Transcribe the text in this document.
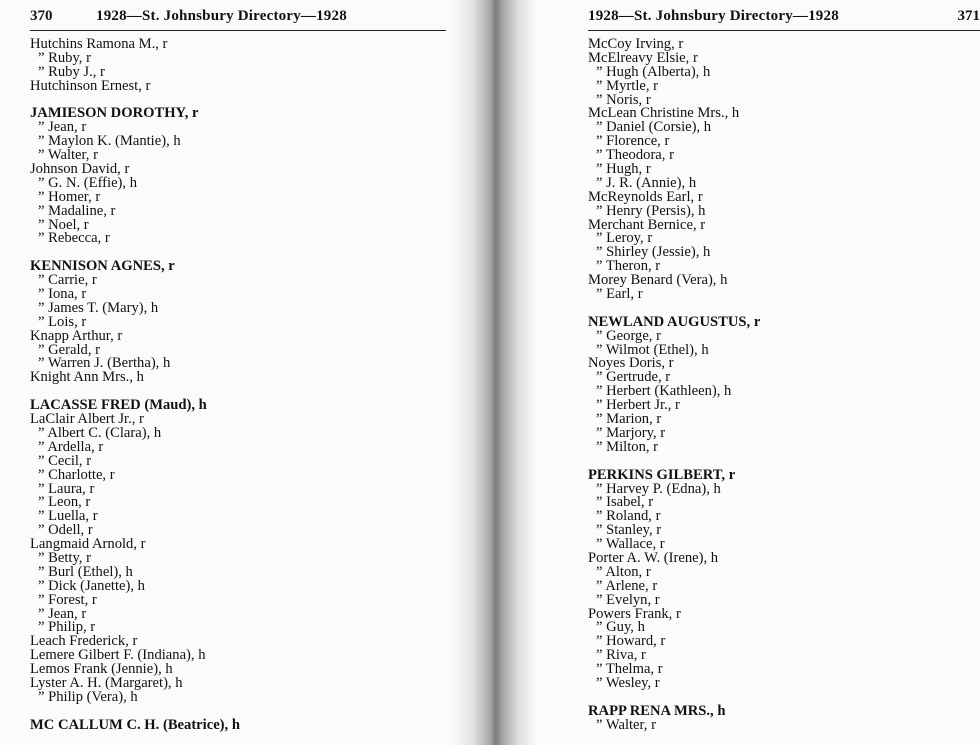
370	1928—St. Johnsbury Directory—1928
Hutchins Ramona M., r
” Ruby, r
” Ruby J., r
Hutchinson Ernest, r
JAMIESON DOROTHY, r
” Jean, r
” Maylon K. (Mantie), h
” Walter, r
Johnson David, r
” G. N. (Effie), h
” Homer, r
” Madaline, r
” Noel, r
” Rebecca, r
KENNISON AGNES, r
” Carrie, r
” Iona, r
” James T. (Mary), h
” Lois, r
Knapp Arthur, r
” Gerald, r
” Warren J. (Bertha), h
Knight Ann Mrs., h
LACASSE FRED (Maud), h
LaClair Albert Jr., r
” Albert C. (Clara), h
” Ardella, r
” Cecil, r
” Charlotte, r
” Laura, r
” Leon, r
” Luella, r
” Odell, r
Langmaid Arnold, r
” Betty, r
” Burl (Ethel), h
” Dick (Janette), h
” Forest, r
” Jean, r
” Philip, r
Leach Frederick, r
Lemere Gilbert F. (Indiana), h
Lemos Frank (Jennie), h
Lyster A. H. (Margaret), h
” Philip (Vera), h
MC CALLUM C. H. (Beatrice), h
1928—St. Johnsbury Directory—1928	371
McCoy Irving, r
McElreavy Elsie, r
” Hugh (Alberta), h
” Myrtle, r
” Noris, r
McLean Christine Mrs., h
” Daniel (Corsie), h
” Florence, r
” Theodora, r
” Hugh, r
” J. R. (Annie), h
McReynolds Earl, r
” Henry (Persis), h
Merchant Bernice, r
” Leroy, r
” Shirley (Jessie), h
” Theron, r
Morey Benard (Vera), h
” Earl, r
NEWLAND AUGUSTUS, r
” George, r
” Wilmot (Ethel), h
Noyes Doris, r
” Gertrude, r
” Herbert (Kathleen), h
” Herbert Jr., r
” Marion, r
” Marjory, r
” Milton, r
PERKINS GILBERT, r
” Harvey P. (Edna), h
” Isabel, r
” Roland, r
” Stanley, r
” Wallace, r
Porter A. W. (Irene), h
” Alton, r
” Arlene, r
” Evelyn, r
Powers Frank, r
” Guy, h
” Howard, r
” Riva, r
” Thelma, r
” Wesley, r
RAPP RENA MRS., h
” Walter, r
